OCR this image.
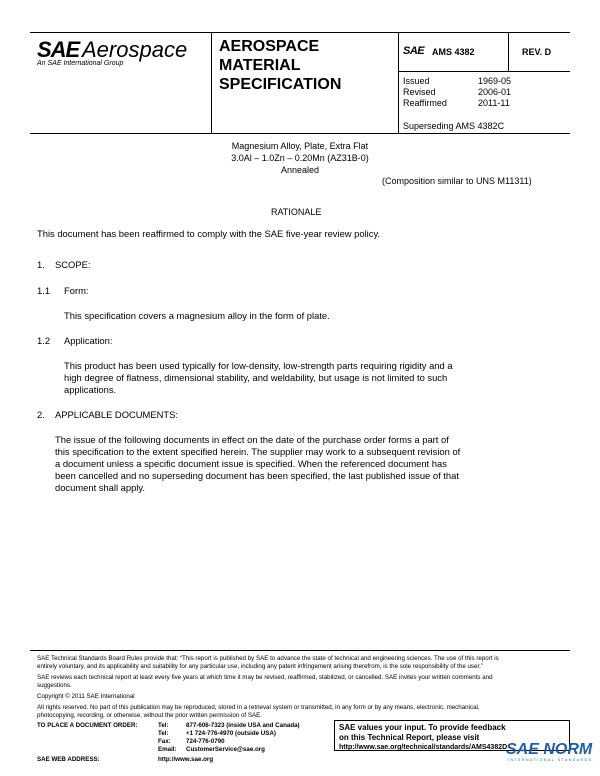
SAE Aerospace
An SAE International Group
AEROSPACE MATERIAL SPECIFICATION
SAE AMS 4382	REV. D
Issued	1969-05
Revised	2006-01
Reaffirmed	2011-11
Superseding AMS 4382C
Magnesium Alloy, Plate, Extra Flat
3.0Al – 1.0Zn – 0.20Mn (AZ31B-0)
Annealed
(Composition similar to UNS M11311)
RATIONALE
This document has been reaffirmed to comply with the SAE five-year review policy.
1. SCOPE:
1.1 Form:
This specification covers a magnesium alloy in the form of plate.
1.2 Application:
This product has been used typically for low-density, low-strength parts requiring rigidity and a
high degree of flatness, dimensional stability, and weldability, but usage is not limited to such
applications.
2. APPLICABLE DOCUMENTS:
The issue of the following documents in effect on the date of the purchase order forms a part of
this specification to the extent specified herein. The supplier may work to a subsequent revision of
a document unless a specific document issue is specified. When the referenced document has
been cancelled and no superseding document has been specified, the last published issue of that
document shall apply.
SAE Technical Standards Board Rules provide that: “This report is published by SAE to advance the state of technical and engineering sciences. The use of this report is
entirely voluntary, and its applicability and suitability for any particular use, including any patent infringement arising therefrom, is the sole responsibility of the user.”
SAE reviews each technical report at least every five years at which time it may be revised, reaffirmed, stabilized, or cancelled. SAE invites your written comments and
suggestions.
Copyright © 2011 SAE International
All rights reserved. No part of this publication may be reproduced, stored in a retrieval system or transmitted, in any form or by any means, electronic, mechanical,
photocopying, recording, or otherwise, without the prior written permission of SAE.
TO PLACE A DOCUMENT ORDER:	Tel:	877-606-7323 (inside USA and Canada)
Tel:	+1 724-776-4970 (outside USA)
Fax: 724-776-0790
Email: CustomerService@sae.org
SAE WEB ADDRESS:	http://www.sae.org
SAE values your input. To provide feedback
on this Technical Report, please visit
http://www.sae.org/technical/standards/AMS4382D
SAE NORM
INTERNATIONAL STANDARDS
